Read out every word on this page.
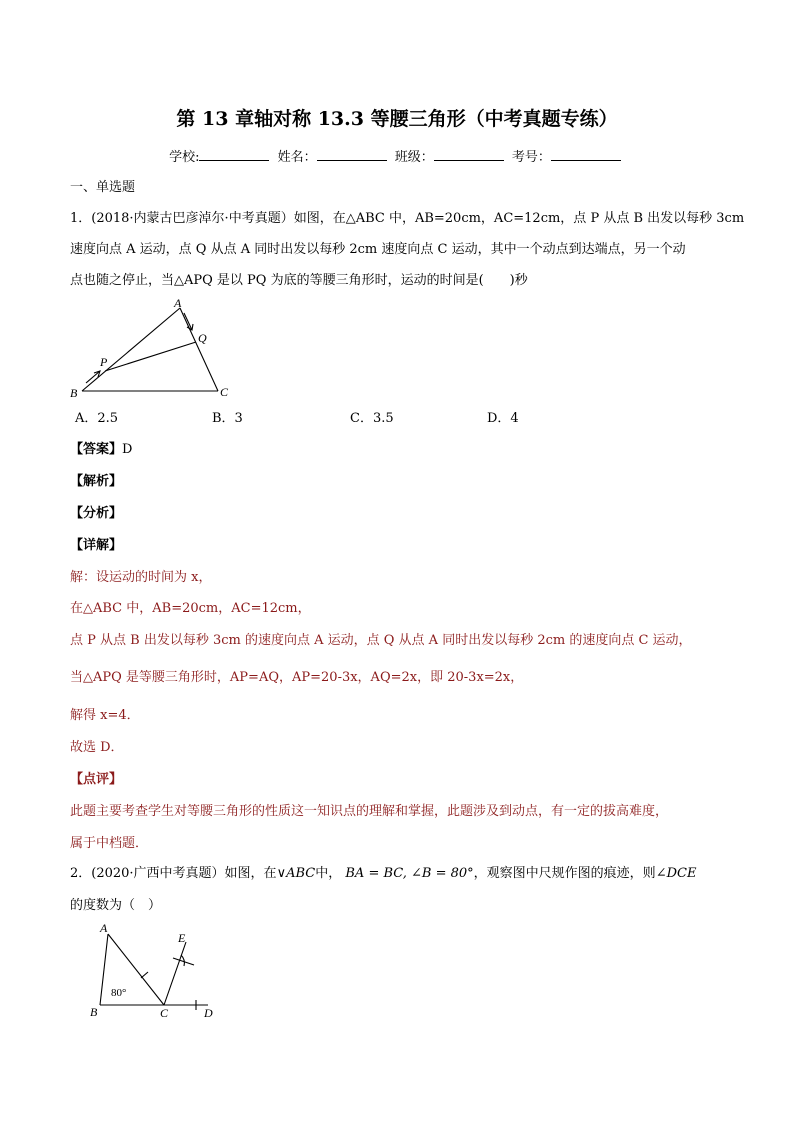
第 13 章轴对称 13.3 等腰三角形（中考真题专练）
学校:	姓名：	班级：	考号：
一、单选题
1．(2018·内蒙古巴彦淖尔·中考真题）如图，在△ABC 中，AB=20cm，AC=12cm，点 P 从点 B 出发以每秒 3cm
速度向点 A 运动，点 Q 从点 A 同时出发以每秒 2cm 速度向点 C 运动，其中一个动点到达端点，另一个动
点也随之停止，当△APQ 是以 PQ 为底的等腰三角形时，运动的时间是(　　)秒
A
Q
P
B	C
A．2.5	B．3	C．3.5	D．4
【答案】D
【解析】
【分析】
【详解】
解：设运动的时间为 x，
在△ABC 中，AB=20cm，AC=12cm，
点 P 从点 B 出发以每秒 3cm 的速度向点 A 运动，点 Q 从点 A 同时出发以每秒 2cm 的速度向点 C 运动，
当△APQ 是等腰三角形时，AP=AQ，AP=20-3x，AQ=2x，即 20-3x=2x，
解得 x=4．
故选 D．
【点评】
此题主要考查学生对等腰三角形的性质这一知识点的理解和掌握，此题涉及到动点，有一定的拔高难度，
属于中档题．
2．(2020·广西中考真题）如图，在∨ABC中， BA = BC, ∠B = 80°，观察图中尺规作图的痕迹，则∠DCE
的度数为（　）
A
E
80°
B	C	D
